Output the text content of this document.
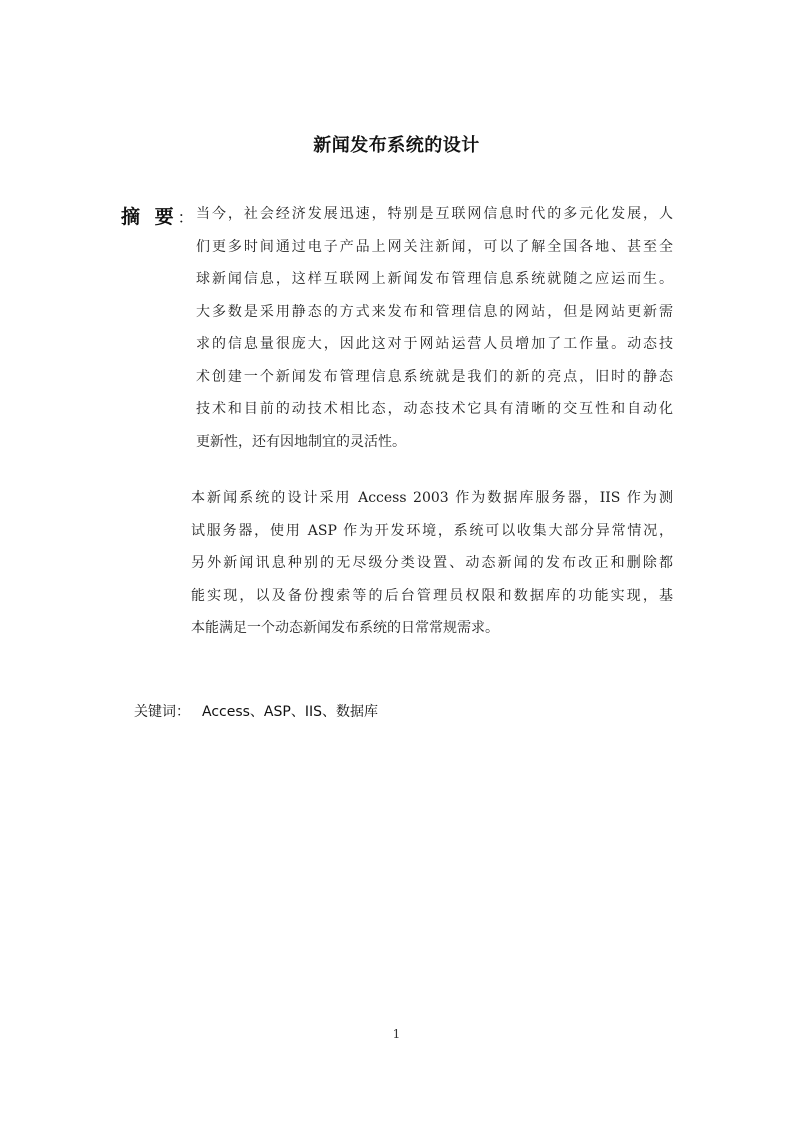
新闻发布系统的设计
摘 要： 当今，社会经济发展迅速，特别是互联网信息时代的多元化发展，人
们更多时间通过电子产品上网关注新闻，可以了解全国各地、甚至全
球新闻信息，这样互联网上新闻发布管理信息系统就随之应运而生。
大多数是采用静态的方式来发布和管理信息的网站，但是网站更新需
求的信息量很庞大，因此这对于网站运营人员增加了工作量。动态技
术创建一个新闻发布管理信息系统就是我们的新的亮点，旧时的静态
技术和目前的动技术相比态，动态技术它具有清晰的交互性和自动化
更新性，还有因地制宜的灵活性。
本新闻系统的设计采用 Access 2003 作为数据库服务器，IIS 作为测
试服务器，使用 ASP 作为开发环境，系统可以收集大部分异常情况，
另外新闻讯息种别的无尽级分类设置、动态新闻的发布改正和删除都
能实现，以及备份搜索等的后台管理员权限和数据库的功能实现，基
本能满足一个动态新闻发布系统的日常常规需求。
关键词： Access、ASP、IIS、数据库
1
